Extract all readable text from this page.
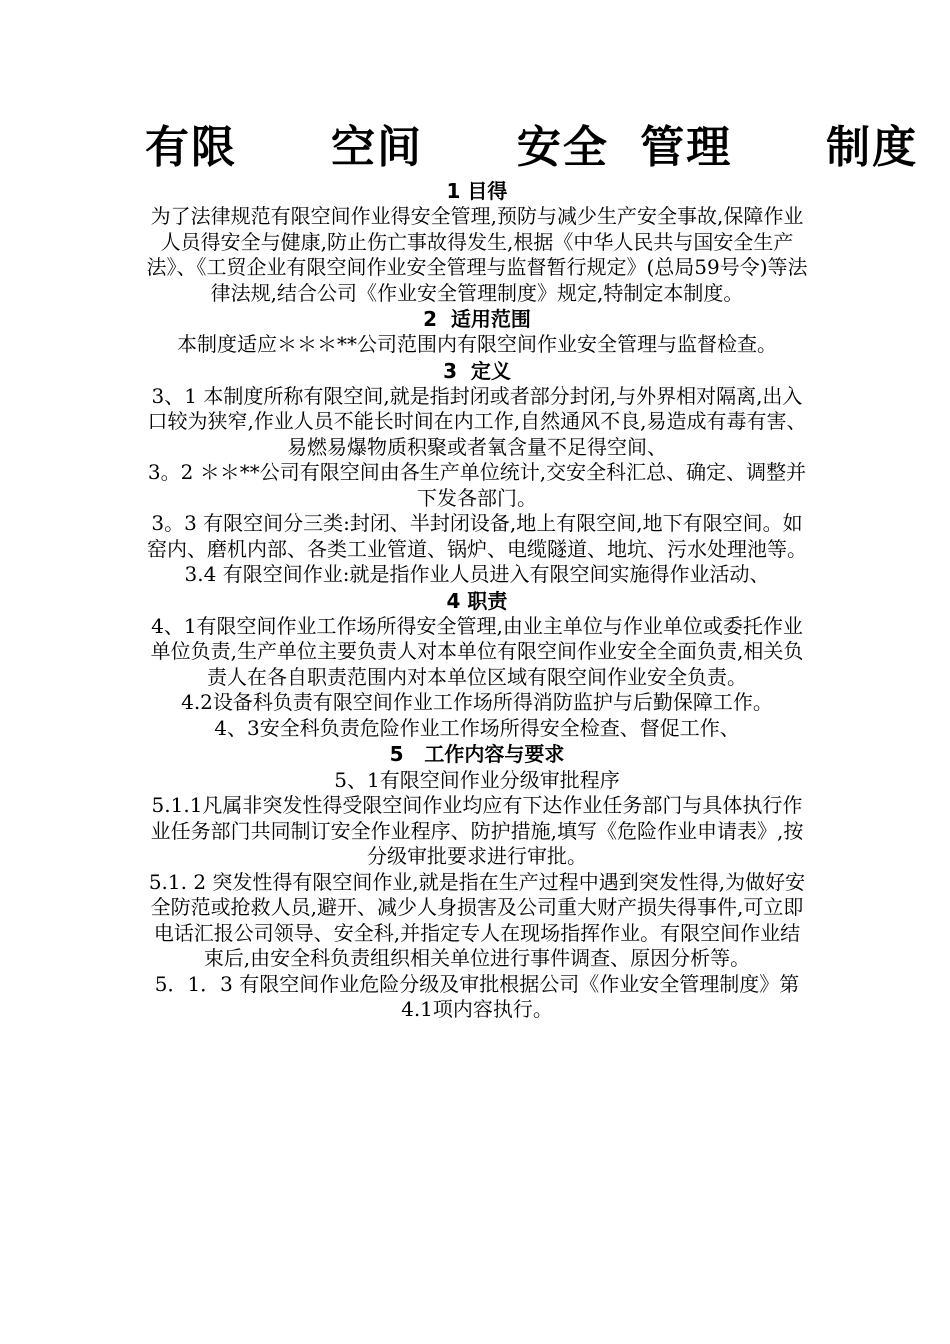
有限   空间   安全 管理   制度
1 目得

为了法律规范有限空间作业得安全管理,预防与减少生产安全事故,保障作业人员得安全与健康,防止伤亡事故得发生,根据《中华人民共与国安全生产法》、《工贸企业有限空间作业安全管理与监督暂行规定》(总局59号令)等法律法规,结合公司《作业安全管理制度》规定,特制定本制度。

2  适用范围

本制度适应＊＊＊**公司范围内有限空间作业安全管理与监督检查。

3  定义

3、1 本制度所称有限空间,就是指封闭或者部分封闭,与外界相对隔离,出入口较为狭窄,作业人员不能长时间在内工作,自然通风不良,易造成有毒有害、易燃易爆物质积聚或者氧含量不足得空间、

3。2 ＊＊**公司有限空间由各生产单位统计,交安全科汇总、确定、调整并下发各部门。

3。3 有限空间分三类:封闭、半封闭设备,地上有限空间,地下有限空间。如窑内、磨机内部、各类工业管道、锅炉、电缆隧道、地坑、污水处理池等。

3.4 有限空间作业:就是指作业人员进入有限空间实施得作业活动、

4 职责

4、1有限空间作业工作场所得安全管理,由业主单位与作业单位或委托作业单位负责,生产单位主要负责人对本单位有限空间作业安全全面负责,相关负责人在各自职责范围内对本单位区域有限空间作业安全负责。

4.2设备科负责有限空间作业工作场所得消防监护与后勤保障工作。

4、3安全科负责危险作业工作场所得安全检查、督促工作、

5   工作内容与要求

5、1有限空间作业分级审批程序

5.1.1凡属非突发性得受限空间作业均应有下达作业任务部门与具体执行作业任务部门共同制订安全作业程序、防护措施,填写《危险作业申请表》,按分级审批要求进行审批。

5.1. 2 突发性得有限空间作业,就是指在生产过程中遇到突发性得,为做好安全防范或抢救人员,避开、减少人身损害及公司重大财产损失得事件,可立即电话汇报公司领导、安全科,并指定专人在现场指挥作业。有限空间作业结束后,由安全科负责组织相关单位进行事件调查、原因分析等。

5．1．3 有限空间作业危险分级及审批根据公司《作业安全管理制度》第4.1项内容执行。
